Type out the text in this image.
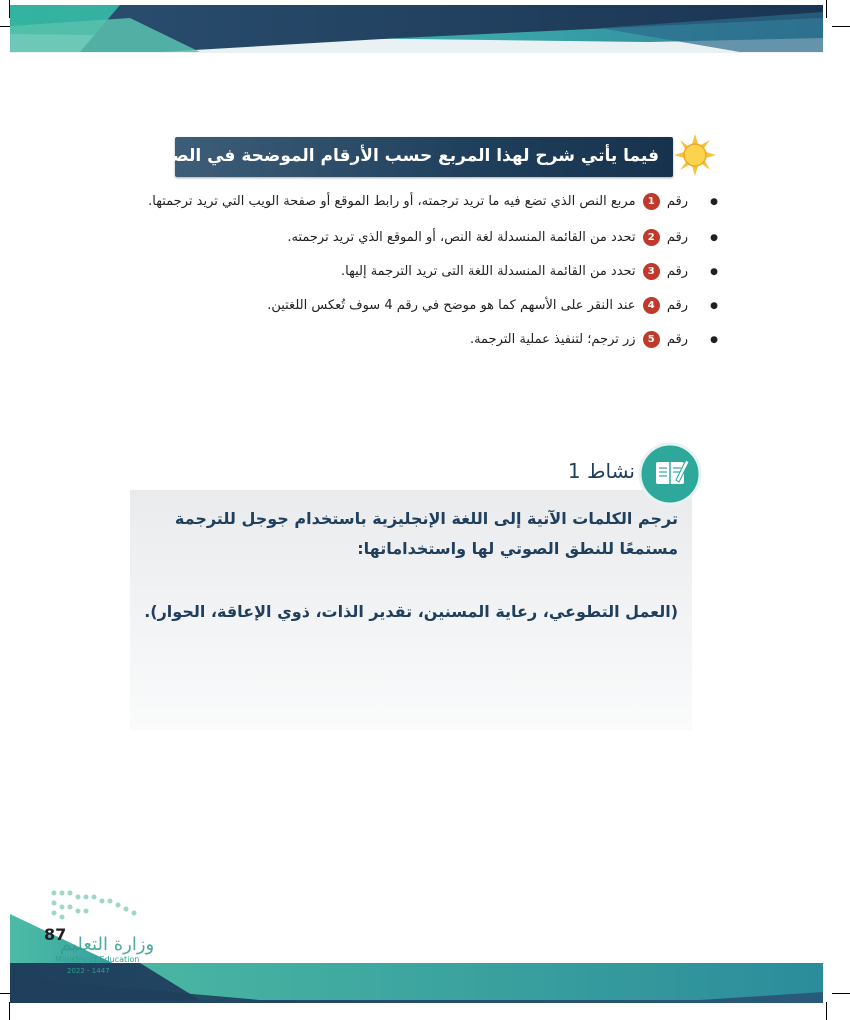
فيما يأتي شرح لهذا المربع حسب الأرقام الموضحة في الصورة:
● رقم 1 مربع النص الذي تضع فيه ما تريد ترجمته، أو رابط الموقع أو صفحة الويب التي تريد ترجمتها.
● رقم 2 تحدد من القائمة المنسدلة لغة النص، أو الموقع الذي تريد ترجمته.
● رقم 3 تحدد من القائمة المنسدلة اللغة التى تريد الترجمة إليها.
● رقم 4 عند النقر على الأسهم كما هو موضح في رقم 4 سوف تُعكس اللغتين.
● رقم 5 زر ترجم؛ لتنفيذ عملية الترجمة.
ترجم الكلمات الآتية إلى اللغة الإنجليزية باستخدام جوجل للترجمة مستمعًا للنطق الصوتي لها واستخداماتها:
(العمل التطوعي، رعاية المسنين، تقدير الذات، ذوي الإعاقة، الحوار).
نشاط 1
وزارة التعليم
87
Ministry of Education
2022 - 1447
